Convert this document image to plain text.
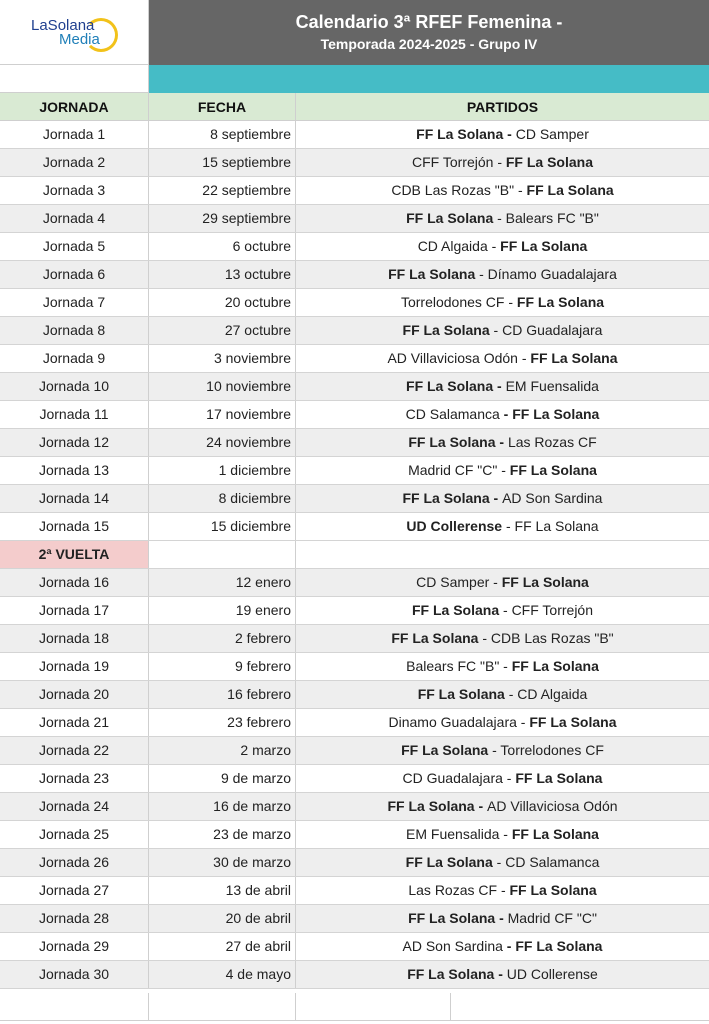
LaSolana
Media
Calendario 3ª RFEF Femenina -
Temporada 2024-2025 - Grupo IV
JORNADA	FECHA	PARTIDOS
Jornada 1	8 septiembre	FF La Solana - CD Samper
Jornada 2	15 septiembre	CFF Torrejón - FF La Solana
Jornada 3	22 septiembre	CDB Las Rozas "B" - FF La Solana
Jornada 4	29 septiembre	FF La Solana - Balears FC "B"
Jornada 5	6 octubre	CD Algaida - FF La Solana
Jornada 6	13 octubre	FF La Solana - Dínamo Guadalajara
Jornada 7	20 octubre	Torrelodones CF - FF La Solana
Jornada 8	27 octubre	FF La Solana - CD Guadalajara
Jornada 9	3 noviembre	AD Villaviciosa Odón - FF La Solana
Jornada 10	10 noviembre	FF La Solana - EM Fuensalida
Jornada 11	17 noviembre	CD Salamanca - FF La Solana
Jornada 12	24 noviembre	FF La Solana - Las Rozas CF
Jornada 13	1 diciembre	Madrid CF "C" - FF La Solana
Jornada 14	8 diciembre	FF La Solana - AD Son Sardina
Jornada 15	15 diciembre	UD Collerense - FF La Solana
2ª VUELTA
Jornada 16	12 enero	CD Samper - FF La Solana
Jornada 17	19 enero	FF La Solana - CFF Torrejón
Jornada 18	2 febrero	FF La Solana - CDB Las Rozas "B"
Jornada 19	9 febrero	Balears FC "B" - FF La Solana
Jornada 20	16 febrero	FF La Solana - CD Algaida
Jornada 21	23 febrero	Dinamo Guadalajara - FF La Solana
Jornada 22	2 marzo	FF La Solana - Torrelodones CF
Jornada 23	9 de marzo	CD Guadalajara - FF La Solana
Jornada 24	16 de marzo	FF La Solana - AD Villaviciosa Odón
Jornada 25	23 de marzo	EM Fuensalida - FF La Solana
Jornada 26	30 de marzo	FF La Solana - CD Salamanca
Jornada 27	13 de abril	Las Rozas CF - FF La Solana
Jornada 28	20 de abril	FF La Solana - Madrid CF "C"
Jornada 29	27 de abril	AD Son Sardina - FF La Solana
Jornada 30	4 de mayo	FF La Solana - UD Collerense
